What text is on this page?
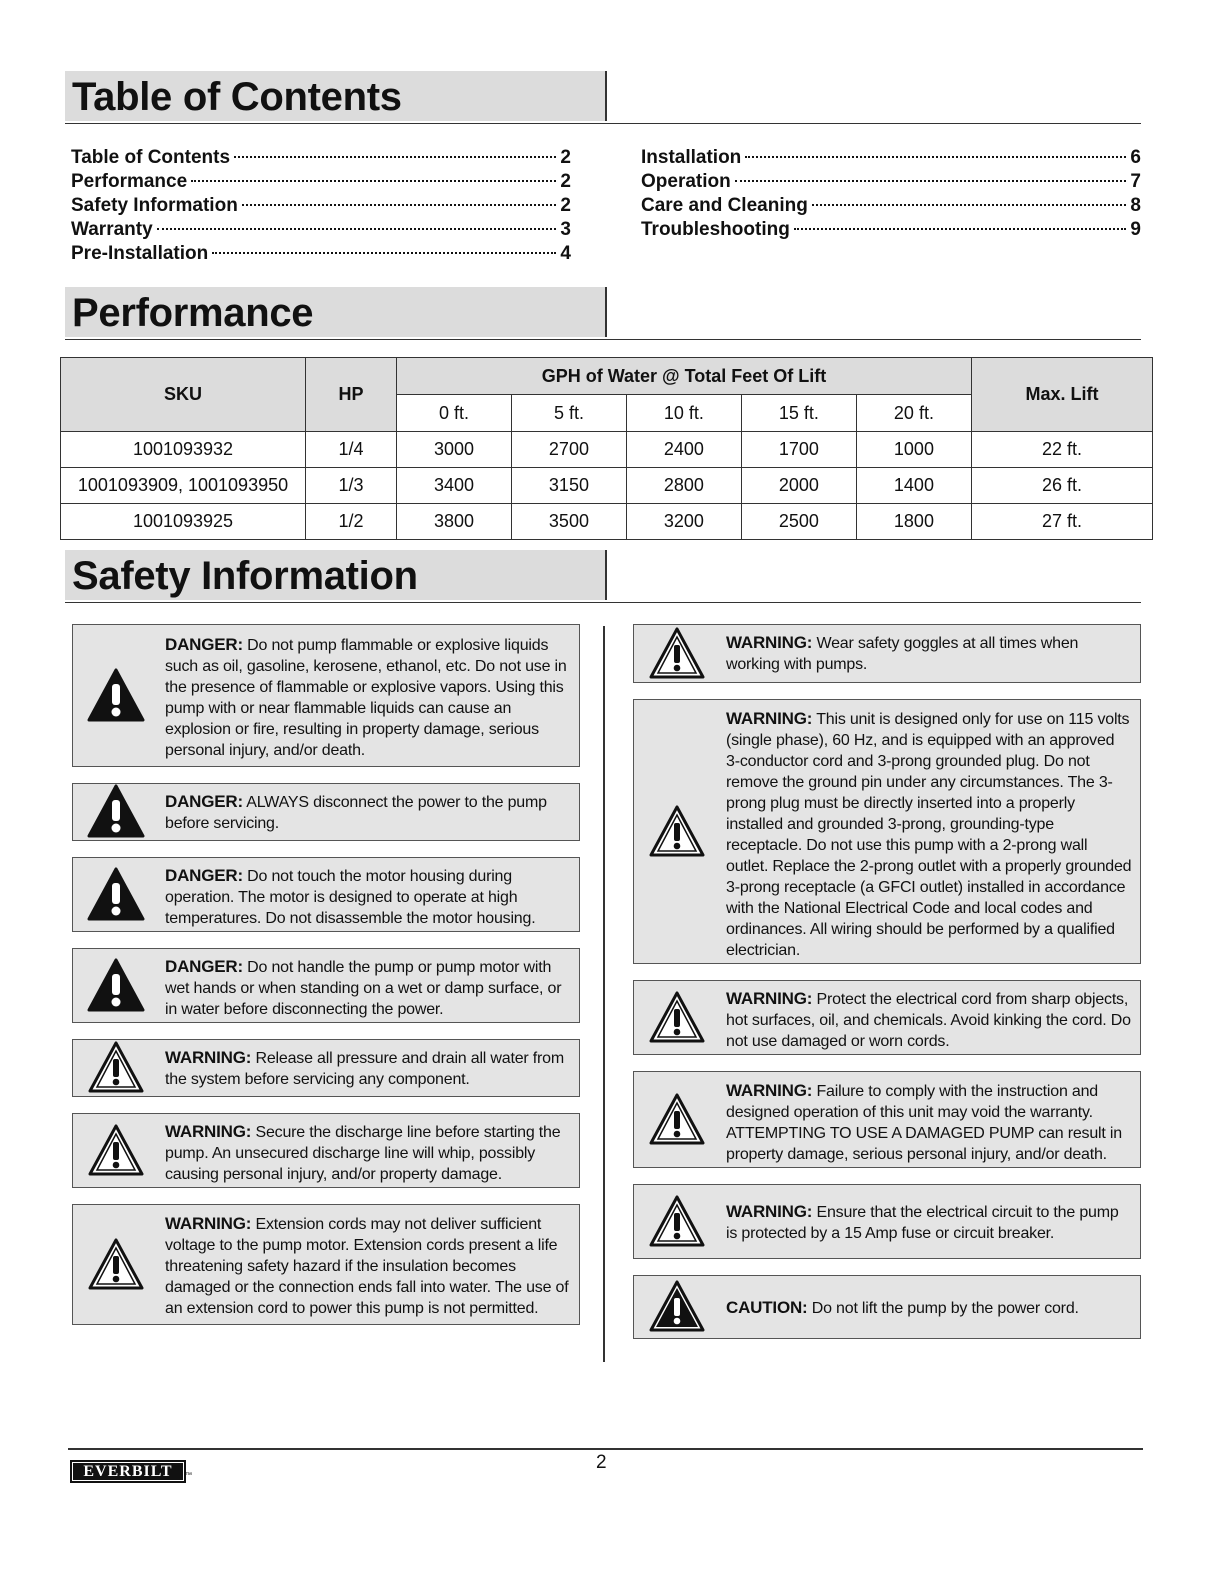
Table of Contents
Table of Contents	2
Performance	2
Safety Information	2
Warranty	3
Pre-Installation	4
Installation	6
Operation	7
Care and Cleaning	8
Troubleshooting	9
Performance
SKU	HP	GPH of Water @ Total Feet Of Lift					Max. Lift
		0 ft.	5 ft.	10 ft.	15 ft.	20 ft.	
1001093932	1/4	3000	2700	2400	1700	1000	22 ft.
1001093909, 1001093950	1/3	3400	3150	2800	2000	1400	26 ft.
1001093925	1/2	3800	3500	3200	2500	1800	27 ft.
Safety Information
DANGER: Do not pump flammable or explosive liquids such as oil, gasoline, kerosene, ethanol, etc. Do not use in the presence of flammable or explosive vapors. Using this pump with or near flammable liquids can cause an explosion or fire, resulting in property damage, serious personal injury, and/or death.
DANGER: ALWAYS disconnect the power to the pump before servicing.
DANGER: Do not touch the motor housing during operation. The motor is designed to operate at high temperatures. Do not disassemble the motor housing.
DANGER: Do not handle the pump or pump motor with wet hands or when standing on a wet or damp surface, or in water before disconnecting the power.
WARNING: Release all pressure and drain all water from the system before servicing any component.
WARNING: Secure the discharge line before starting the pump. An unsecured discharge line will whip, possibly causing personal injury, and/or property damage.
WARNING: Extension cords may not deliver sufficient voltage to the pump motor. Extension cords present a life threatening safety hazard if the insulation becomes damaged or the connection ends fall into water. The use of an extension cord to power this pump is not permitted.
WARNING: Wear safety goggles at all times when working with pumps.
WARNING: This unit is designed only for use on 115 volts (single phase), 60 Hz, and is equipped with an approved 3-conductor cord and 3-prong grounded plug. Do not remove the ground pin under any circumstances. The 3-prong plug must be directly inserted into a properly installed and grounded 3-prong, grounding-type receptacle. Do not use this pump with a 2-prong wall outlet. Replace the 2-prong outlet with a properly grounded 3-prong receptacle (a GFCI outlet) installed in accordance with the National Electrical Code and local codes and ordinances. All wiring should be performed by a qualified electrician.
WARNING: Protect the electrical cord from sharp objects, hot surfaces, oil, and chemicals. Avoid kinking the cord. Do not use damaged or worn cords.
WARNING: Failure to comply with the instruction and designed operation of this unit may void the warranty. ATTEMPTING TO USE A DAMAGED PUMP can result in property damage, serious personal injury, and/or death.
WARNING: Ensure that the electrical circuit to the pump is protected by a 15 Amp fuse or circuit breaker.
CAUTION: Do not lift the pump by the power cord.
2
EVERBILT	™
